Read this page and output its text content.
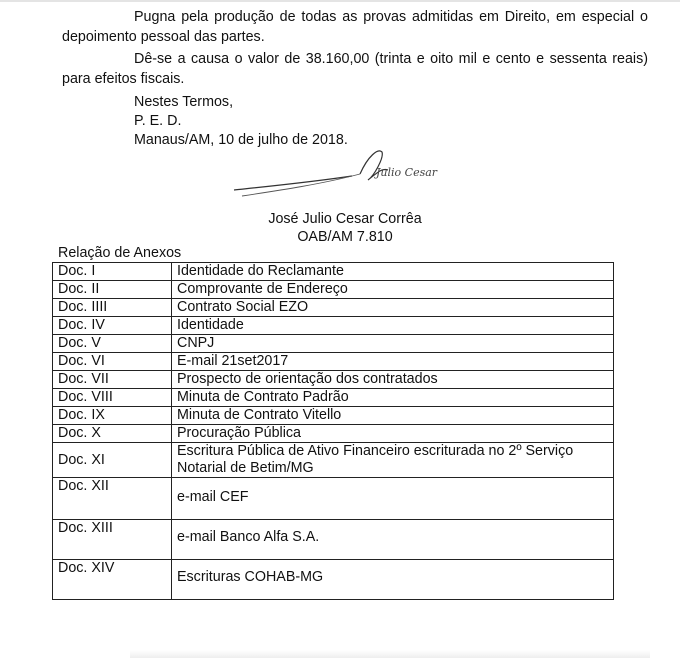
Pugna pela produção de todas as provas admitidas em Direito, em especial o depoimento pessoal das partes.

Dê-se a causa o valor de 38.160,00 (trinta e oito mil e cento e sessenta reais) para efeitos fiscais.

Nestes Termos,
P. E. D.
Manaus/AM, 10 de julho de 2018.
Julio Cesar
José Julio Cesar Corrêa
OAB/AM 7.810
Relação de Anexos
Doc. I	Identidade do Reclamante
Doc. II	Comprovante de Endereço
Doc. IIII	Contrato Social EZO
Doc. IV	Identidade
Doc. V	CNPJ
Doc. VI	E-mail 21set2017
Doc. VII	Prospecto de orientação dos contratados
Doc. VIII	Minuta de Contrato Padrão
Doc. IX	Minuta de Contrato Vitello
Doc. X	Procuração Pública
Doc. XI	Escritura Pública de Ativo Financeiro escriturada no 2º Serviço Notarial de Betim/MG
Doc. XII	e-mail CEF
Doc. XIII	e-mail Banco Alfa S.A.
Doc. XIV	Escrituras COHAB-MG
